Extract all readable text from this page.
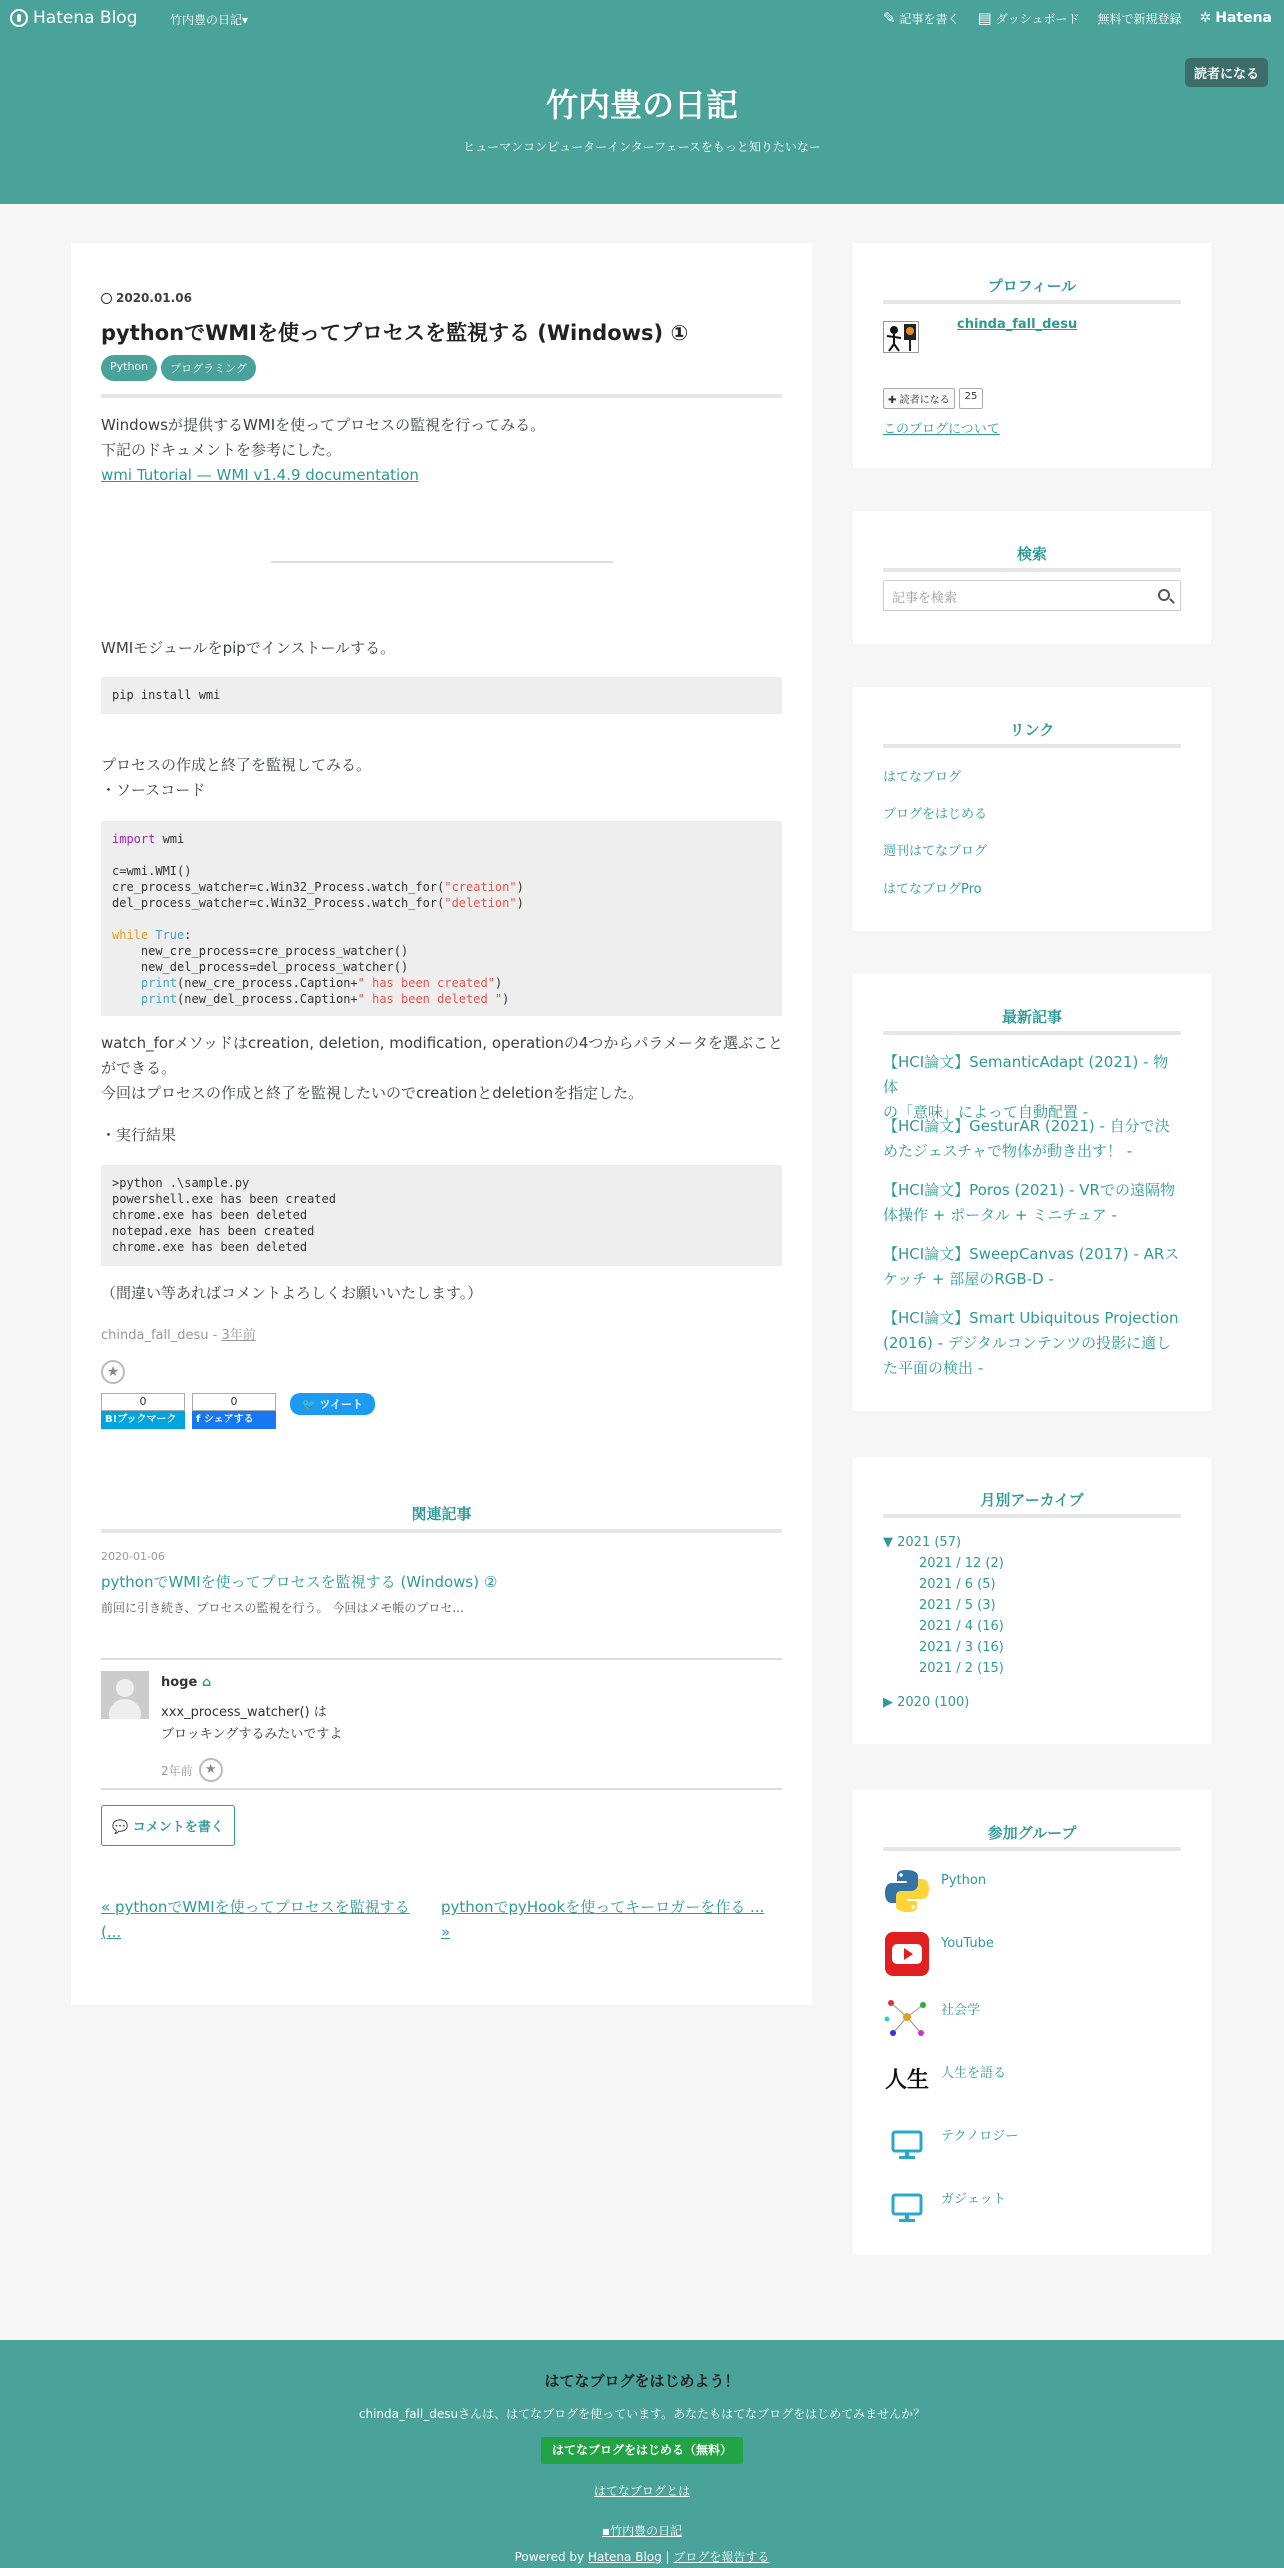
Hatena Blog	竹内豊の日記▾	✎ 記事を書く ▤ ダッシュボード 無料で新規登録 ✲ Hatena
竹内豊の日記
ヒューマンコンピューターインターフェースをもっと知りたいなー
読者になる
2020.01.06
pythonでWMIを使ってプロセスを監視する (Windows) ①
Python	プログラミング
Windowsが提供するWMIを使ってプロセスの監視を行ってみる。
下記のドキュメントを参考にした。
wmi Tutorial — WMI v1.4.9 documentation
WMIモジュールをpipでインストールする。
pip install wmi
プロセスの作成と終了を監視してみる。
・ソースコード
import wmi

c=wmi.WMI()
cre_process_watcher=c.Win32_Process.watch_for("creation")
del_process_watcher=c.Win32_Process.watch_for("deletion")

while True:
new_cre_process=cre_process_watcher()
new_del_process=del_process_watcher()
print(new_cre_process.Caption+" has been created")
print(new_del_process.Caption+" has been deleted ")
watch_forメソッドはcreation, deletion, modification, operationの4つからパラメータを選ぶこと
ができる。
今回はプロセスの作成と終了を監視したいのでcreationとdeletionを指定した。
・実行結果
>python .\sample.py
powershell.exe has been created
chrome.exe has been deleted
notepad.exe has been created
chrome.exe has been deleted
（間違い等あればコメントよろしくお願いいたします。）
chinda_fall_desu - 3年前
★
0
B!ブックマーク
0
f シェアする
🐦 ツイート
関連記事
2020-01-06
pythonでWMIを使ってプロセスを監視する (Windows) ②
前回に引き続き、プロセスの監視を行う。 今回はメモ帳のプロセ...
hoge ⌂
xxx_process_watcher() は
ブロッキングするみたいですよ
2年前 ★
💬 コメントを書く
« pythonでWMIを使ってプロセスを監視する
(...
pythonでpyHookを使ってキーロガーを作る ...
»
プロフィール
chinda_fall_desu
✚ 読者になる	25
このブログについて
検索
記事を検索
リンク
はてなブログ
ブログをはじめる
週刊はてなブログ
はてなブログPro
最新記事
【HCI論文】SemanticAdapt (2021) - 物体
の「意味」によって自動配置 -
【HCI論文】GesturAR (2021) - 自分で決
めたジェスチャで物体が動き出す！ -
【HCI論文】Poros (2021) - VRでの遠隔物
体操作 + ポータル + ミニチュア -
【HCI論文】SweepCanvas (2017) - ARス
ケッチ + 部屋のRGB-D -
【HCI論文】Smart Ubiquitous Projection
(2016) - デジタルコンテンツの投影に適し
た平面の検出 -
月別アーカイブ
▼ 2021 (57)
2021 / 12 (2)
2021 / 6 (5)
2021 / 5 (3)
2021 / 4 (16)
2021 / 3 (16)
2021 / 2 (15)
▶ 2020 (100)
参加グループ
Python
YouTube
社会学
人生 人生を語る
テクノロジー
ガジェット
はてなブログをはじめよう！
chinda_fall_desuさんは、はてなブログを使っています。あなたもはてなブログをはじめてみませんか？
はてなブログをはじめる（無料）
はてなブログとは
▪竹内豊の日記
Powered by Hatena Blog | ブログを報告する
